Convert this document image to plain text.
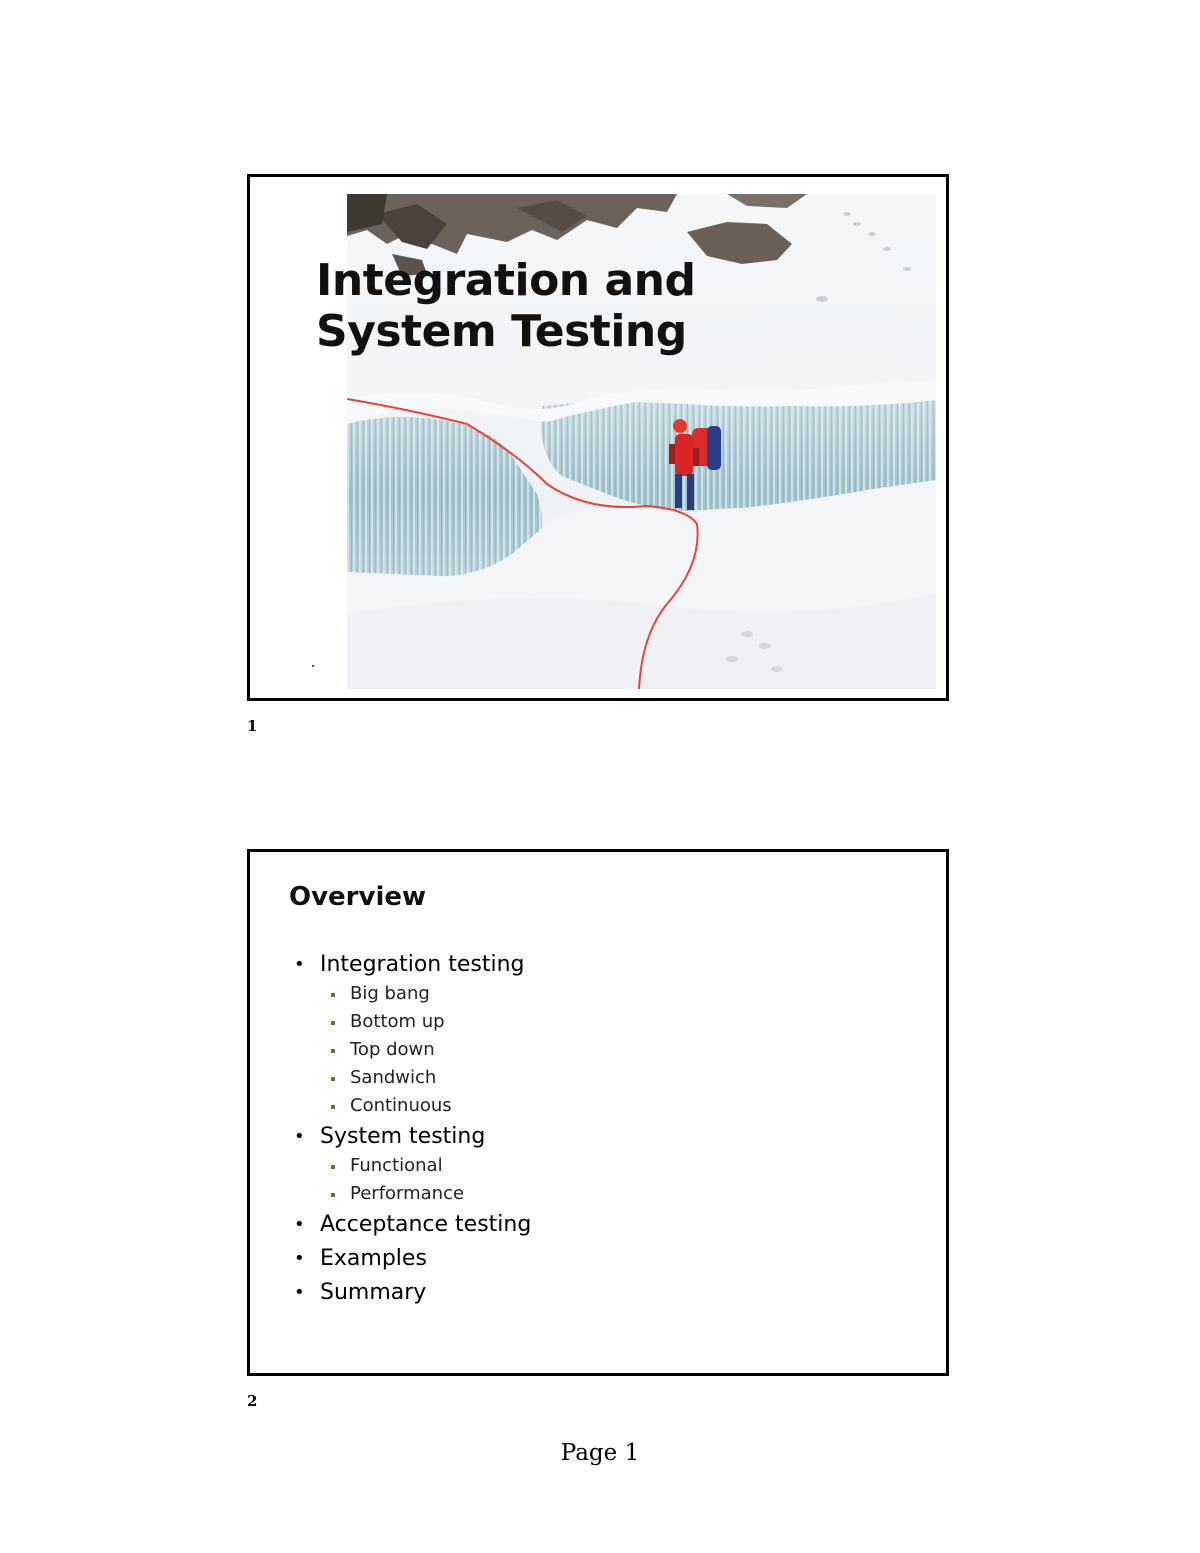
Integration and
System Testing
1
Overview
• Integration testing
Big bang
Bottom up
Top down
Sandwich
Continuous
• System testing
Functional
Performance
• Acceptance testing
• Examples
• Summary
2
Page 1
